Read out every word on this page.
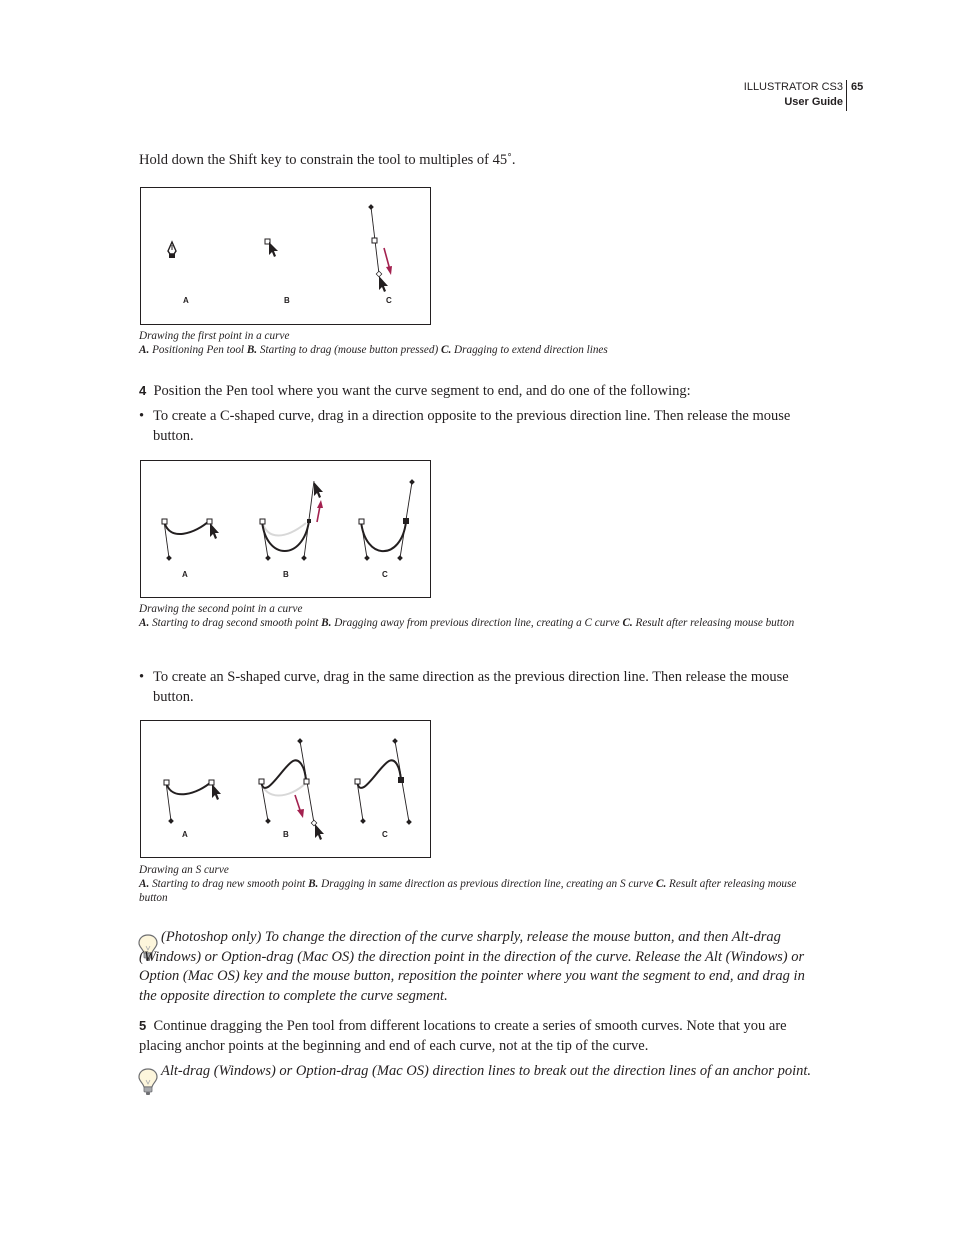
ILLUSTRATOR CS3
User Guide
65
Hold down the Shift key to constrain the tool to multiples of 45˚.
A	B	C
Drawing the first point in a curve
A. Positioning Pen tool B. Starting to drag (mouse button pressed) C. Dragging to extend direction lines
4 Position the Pen tool where you want the curve segment to end, and do one of the following:
• To create a C-shaped curve, drag in a direction opposite to the previous direction line. Then release the mouse button.
A	B	C
Drawing the second point in a curve
A. Starting to drag second smooth point B. Dragging away from previous direction line, creating a C curve C. Result after releasing mouse button
• To create an S-shaped curve, drag in the same direction as the previous direction line. Then release the mouse button.
A	B	C
Drawing an S curve
A. Starting to drag new smooth point B. Dragging in same direction as previous direction line, creating an S curve C. Result after releasing mouse button
(Photoshop only) To change the direction of the curve sharply, release the mouse button, and then Alt-drag (Windows) or Option-drag (Mac OS) the direction point in the direction of the curve. Release the Alt (Windows) or Option (Mac OS) key and the mouse button, reposition the pointer where you want the segment to end, and drag in the opposite direction to complete the curve segment.
5 Continue dragging the Pen tool from different locations to create a series of smooth curves. Note that you are placing anchor points at the beginning and end of each curve, not at the tip of the curve.
Alt-drag (Windows) or Option-drag (Mac OS) direction lines to break out the direction lines of an anchor point.
